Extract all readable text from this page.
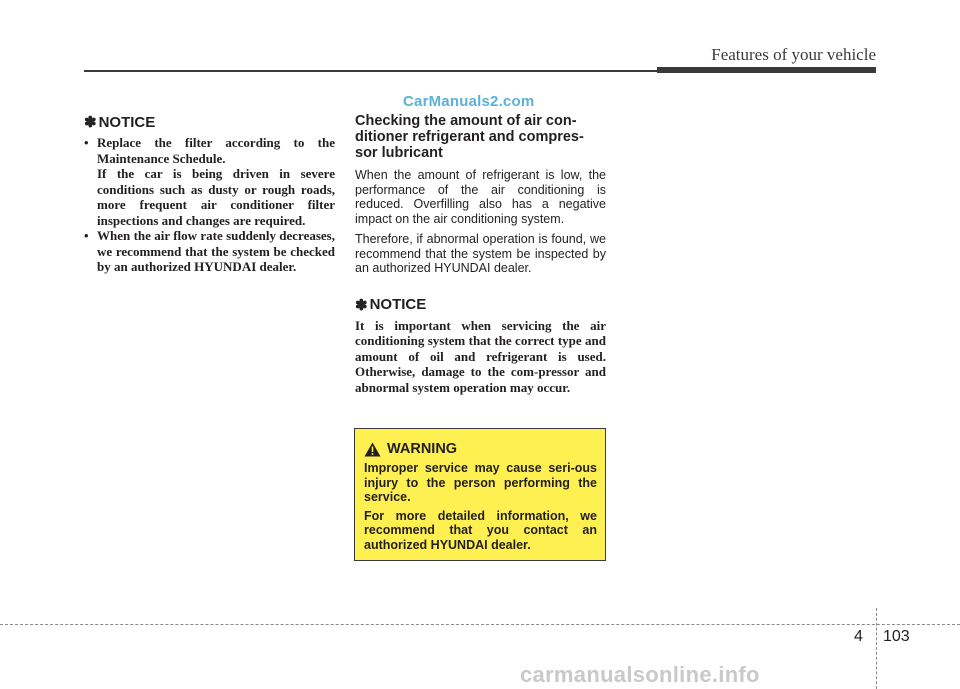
Features of your vehicle
CarManuals2.com
✽ NOTICE
• Replace the filter according to the Maintenance Schedule.

If the car is being driven in severe conditions such as dusty or rough roads, more frequent air conditioner filter inspections and changes are required.

• When the air flow rate suddenly decreases, we recommend that the system be checked by an authorized HYUNDAI dealer.

Checking the amount of air con-ditioner refrigerant and compres-sor lubricant

When the amount of refrigerant is low, the performance of the air conditioning is reduced. Overfilling also has a negative impact on the air conditioning system.

Therefore, if abnormal operation is found, we recommend that the system be inspected by an authorized HYUNDAI dealer.

✽ NOTICE

It is important when servicing the air conditioning system that the correct type and amount of oil and refrigerant is used. Otherwise, damage to the com-pressor and abnormal system operation may occur.

WARNING

Improper service may cause seri-ous injury to the person performing the service.

For more detailed information, we recommend that you contact an authorized HYUNDAI dealer.

4 103
carmanualsonline.info
